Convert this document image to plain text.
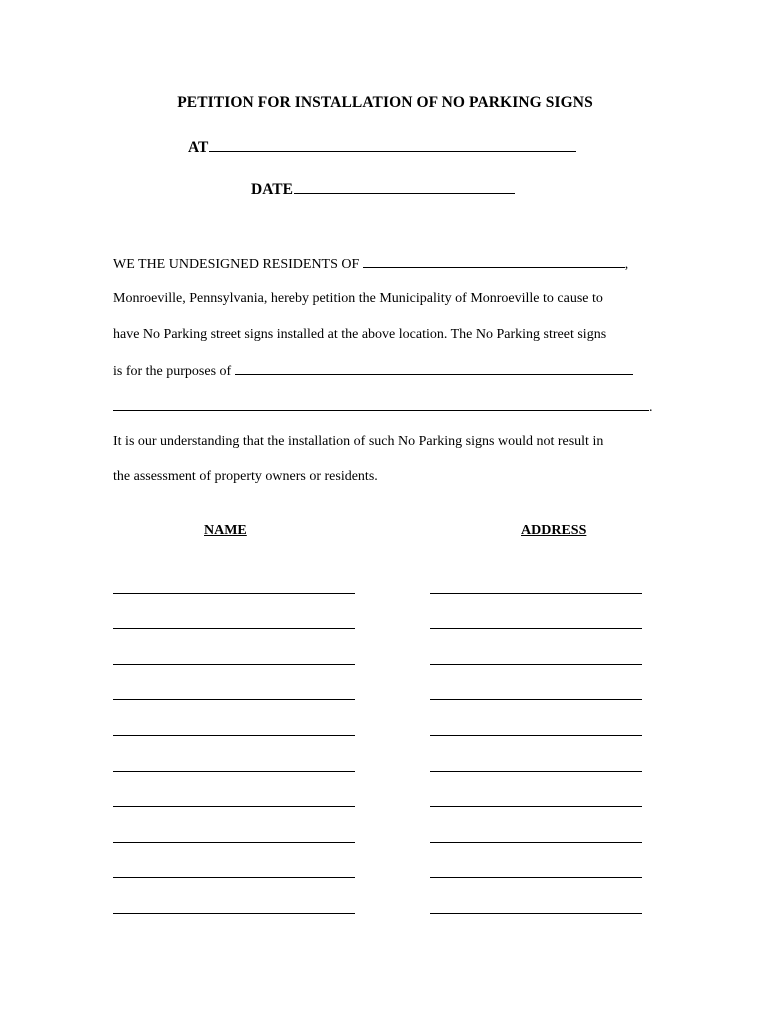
PETITION FOR INSTALLATION OF NO PARKING SIGNS
AT
DATE
WE THE UNDESIGNED RESIDENTS OF	,
Monroeville, Pennsylvania, hereby petition the Municipality of Monroeville to cause to
have No Parking street signs installed at the above location. The No Parking street signs
is for the purposes of
.
It is our understanding that the installation of such No Parking signs would not result in
the assessment of property owners or residents.
NAME	ADDRESS
